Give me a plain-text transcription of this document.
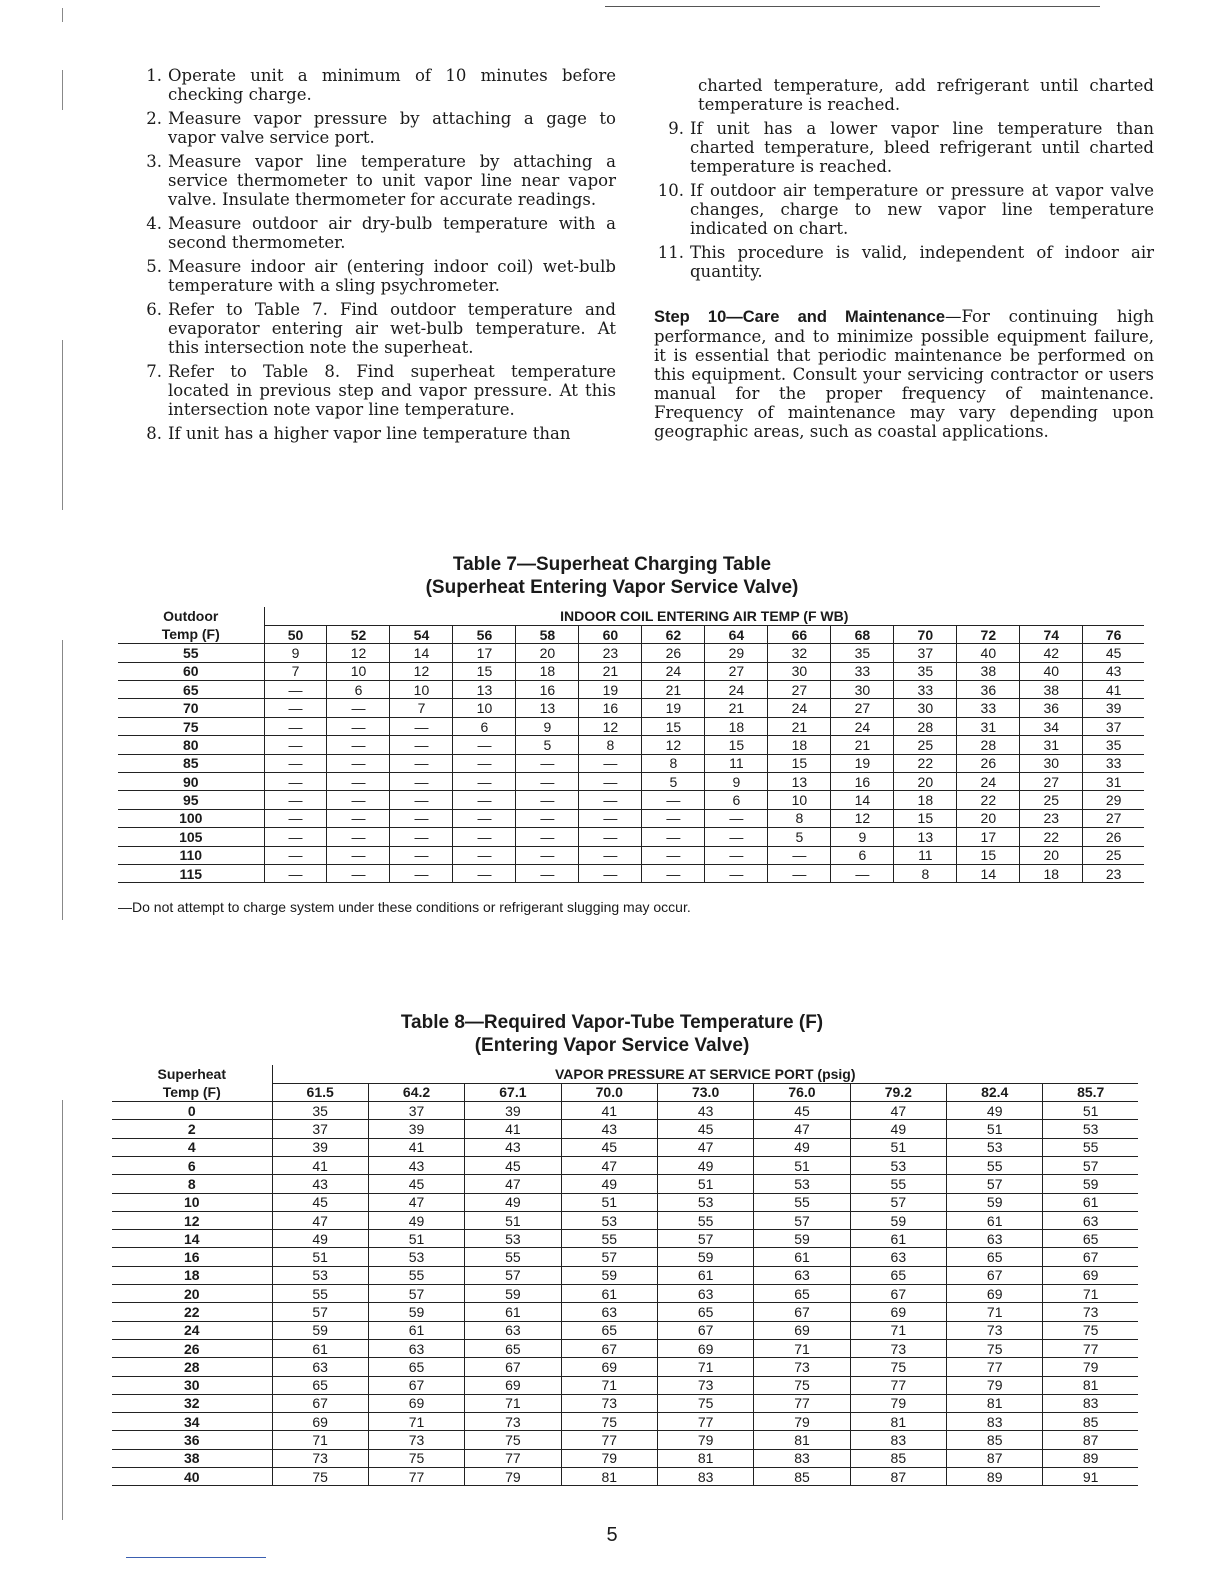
1. Operate unit a minimum of 10 minutes before checking charge.
2. Measure vapor pressure by attaching a gage to vapor valve service port.
3. Measure vapor line temperature by attaching a service thermometer to unit vapor line near vapor valve. Insulate thermometer for accurate readings.
4. Measure outdoor air dry-bulb temperature with a second thermometer.
5. Measure indoor air (entering indoor coil) wet-bulb temperature with a sling psychrometer.
6. Refer to Table 7. Find outdoor temperature and evaporator entering air wet-bulb temperature. At this intersection note the superheat.
7. Refer to Table 8. Find superheat temperature located in previous step and vapor pressure. At this intersection note vapor line temperature.
8. If unit has a higher vapor line temperature than
charted temperature, add refrigerant until charted temperature is reached.
9. If unit has a lower vapor line temperature than charted temperature, bleed refrigerant until charted temperature is reached.
10. If outdoor air temperature or pressure at vapor valve changes, charge to new vapor line temperature indicated on chart.
11. This procedure is valid, independent of indoor air quantity.
Step 10—Care and Maintenance—For continuing high performance, and to minimize possible equipment failure, it is essential that periodic maintenance be performed on this equipment. Consult your servicing contractor or users manual for the proper frequency of maintenance. Frequency of maintenance may vary depending upon geographic areas, such as coastal applications.
Table 7—Superheat Charging Table
(Superheat Entering Vapor Service Valve)
Outdoor	INDOOR COIL ENTERING AIR TEMP (F WB)													
Temp (F)	50	52	54	56	58	60	62	64	66	68	70	72	74	76
55	9	12	14	17	20	23	26	29	32	35	37	40	42	45
60	7	10	12	15	18	21	24	27	30	33	35	38	40	43
65	—	6	10	13	16	19	21	24	27	30	33	36	38	41
70	—	—	7	10	13	16	19	21	24	27	30	33	36	39
75	—	—	—	6	9	12	15	18	21	24	28	31	34	37
80	—	—	—	—	5	8	12	15	18	21	25	28	31	35
85	—	—	—	—	—	—	8	11	15	19	22	26	30	33
90	—	—	—	—	—	—	5	9	13	16	20	24	27	31
95	—	—	—	—	—	—	—	6	10	14	18	22	25	29
100	—	—	—	—	—	—	—	—	8	12	15	20	23	27
105	—	—	—	—	—	—	—	—	5	9	13	17	22	26
110	—	—	—	—	—	—	—	—	—	6	11	15	20	25
115	—	—	—	—	—	—	—	—	—	—	8	14	18	23
—Do not attempt to charge system under these conditions or refrigerant slugging may occur.
Table 8—Required Vapor-Tube Temperature (F)
(Entering Vapor Service Valve)
Superheat	VAPOR PRESSURE AT SERVICE PORT (psig)								
Temp (F)	61.5	64.2	67.1	70.0	73.0	76.0	79.2	82.4	85.7
0	35	37	39	41	43	45	47	49	51
2	37	39	41	43	45	47	49	51	53
4	39	41	43	45	47	49	51	53	55
6	41	43	45	47	49	51	53	55	57
8	43	45	47	49	51	53	55	57	59
10	45	47	49	51	53	55	57	59	61
12	47	49	51	53	55	57	59	61	63
14	49	51	53	55	57	59	61	63	65
16	51	53	55	57	59	61	63	65	67
18	53	55	57	59	61	63	65	67	69
20	55	57	59	61	63	65	67	69	71
22	57	59	61	63	65	67	69	71	73
24	59	61	63	65	67	69	71	73	75
26	61	63	65	67	69	71	73	75	77
28	63	65	67	69	71	73	75	77	79
30	65	67	69	71	73	75	77	79	81
32	67	69	71	73	75	77	79	81	83
34	69	71	73	75	77	79	81	83	85
36	71	73	75	77	79	81	83	85	87
38	73	75	77	79	81	83	85	87	89
40	75	77	79	81	83	85	87	89	91
5
